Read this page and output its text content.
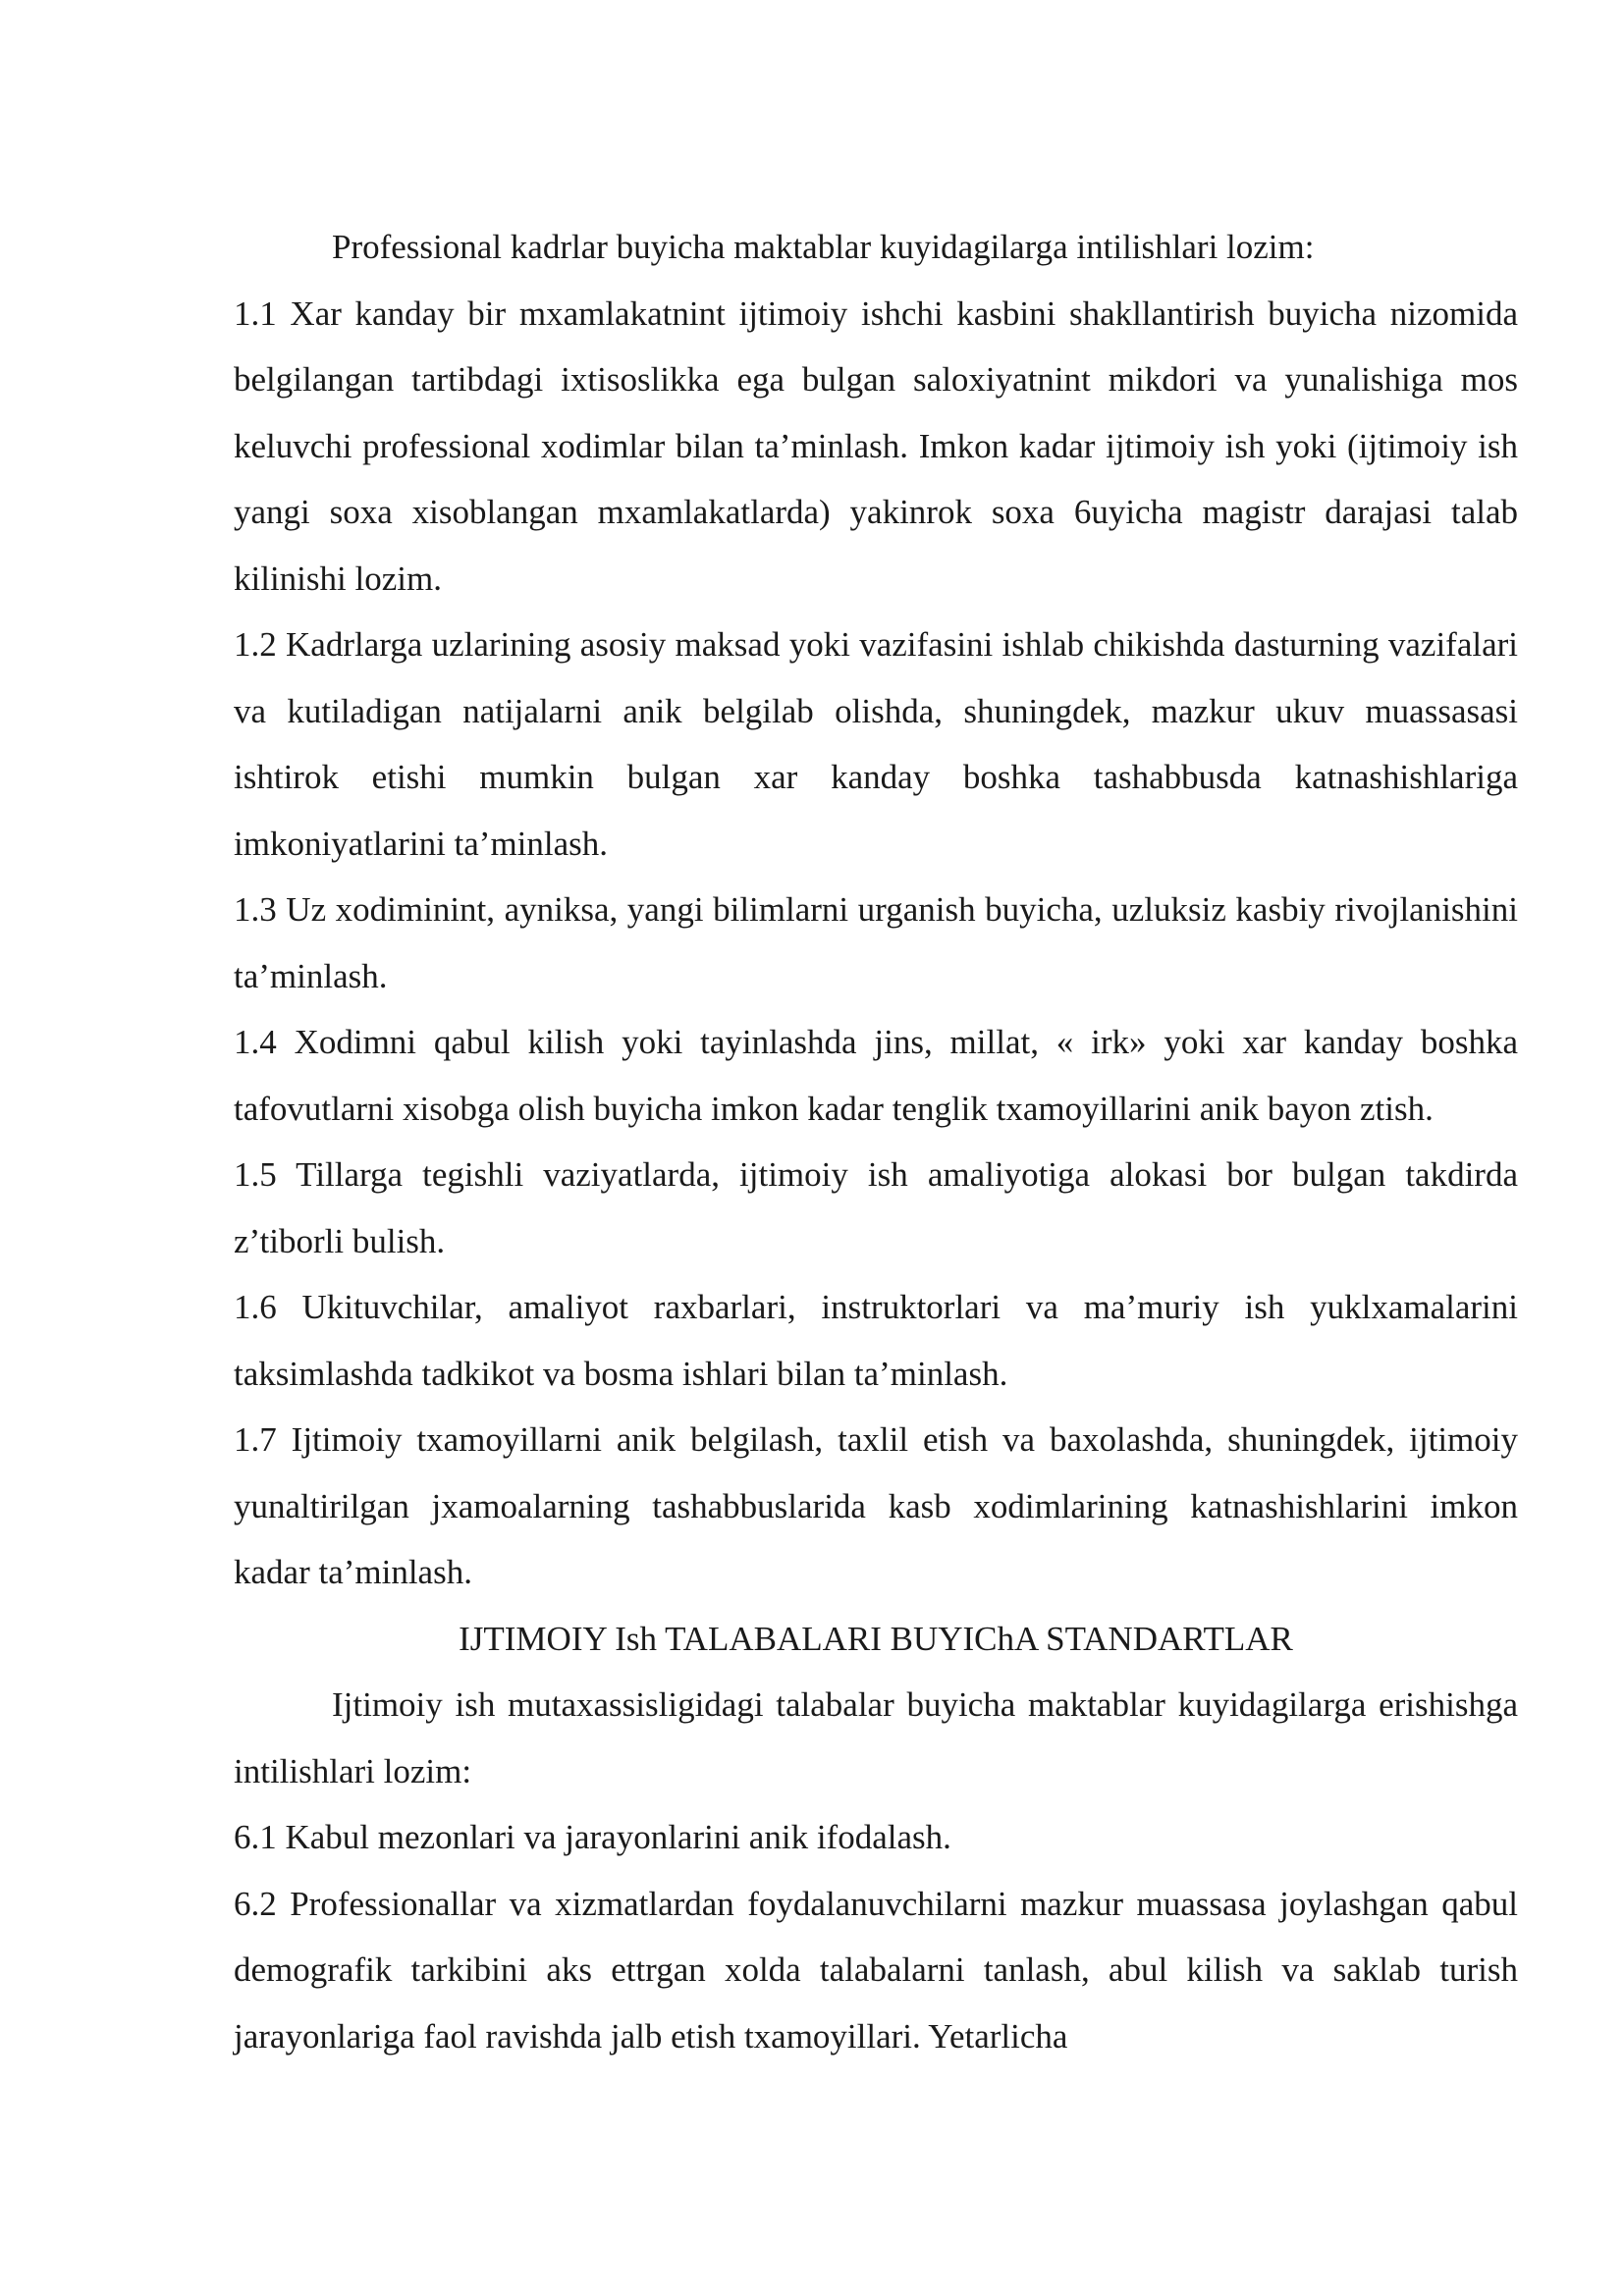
Professional kadrlar buyicha maktablar kuyidagilarga intilishlari lozim:

1.1 Xar kanday bir mxamlakatnint ijtimoiy ishchi kasbini shakllantirish buyicha nizomida belgilangan tartibdagi ixtisoslikka ega bulgan saloxiyatnint mikdori va yunalishiga mos keluvchi professional xodimlar bilan ta’minlash. Imkon kadar ijtimoiy ish yoki (ijtimoiy ish yangi soxa xisoblangan mxamlakatlarda) yakinrok soxa 6uyicha magistr darajasi talab kilinishi lozim.

1.2 Kadrlarga uzlarining asosiy maksad yoki vazifasini ishlab chikishda dasturning vazifalari va kutiladigan natijalarni anik belgilab olishda, shuningdek, mazkur ukuv muassasasi ishtirok etishi mumkin bulgan xar kanday boshka tashabbusda katnashishlariga imkoniyatlarini ta’minlash.

1.3 Uz xodiminint, ayniksa, yangi bilimlarni urganish buyicha, uzluksiz kasbiy rivojlanishini ta’minlash.

1.4 Xodimni qabul kilish yoki tayinlashda jins, millat, « irk» yoki xar kanday boshka tafovutlarni xisobga olish buyicha imkon kadar tenglik txamoyillarini anik bayon ztish.

1.5 Tillarga tegishli vaziyatlarda, ijtimoiy ish amaliyotiga alokasi bor bulgan takdirda z’tiborli bulish.

1.6 Ukituvchilar, amaliyot raxbarlari, instruktorlari va ma’muriy ish yuklxamalarini taksimlashda tadkikot va bosma ishlari bilan ta’minlash.

1.7 Ijtimoiy txamoyillarni anik belgilash, taxlil etish va baxolashda, shuningdek, ijtimoiy yunaltirilgan jxamoalarning tashabbuslarida kasb xodimlarining katnashishlarini imkon kadar ta’minlash.

IJTIMOIY Ish TALABALARI BUYIChA STANDARTLAR

Ijtimoiy ish mutaxassisligidagi talabalar buyicha maktablar kuyidagilarga erishishga intilishlari lozim:

6.1 Kabul mezonlari va jarayonlarini anik ifodalash.

6.2 Professionallar va xizmatlardan foydalanuvchilarni mazkur muassasa joylashgan qabul demografik tarkibini aks ettrgan xolda talabalarni tanlash, abul kilish va saklab turish jarayonlariga faol ravishda jalb etish txamoyillari. Yetarlicha
